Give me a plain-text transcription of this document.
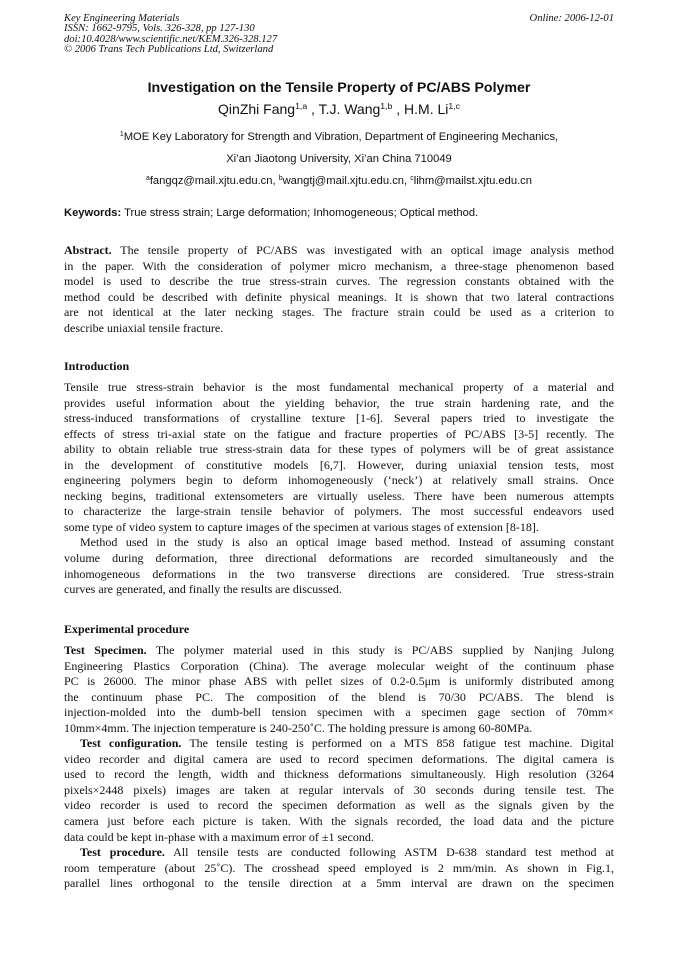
Key Engineering Materials
ISSN: 1662-9795, Vols. 326-328, pp 127-130
doi:10.4028/www.scientific.net/KEM.326-328.127
© 2006 Trans Tech Publications Ltd, Switzerland
Online: 2006-12-01
Investigation on the Tensile Property of PC/ABS Polymer
QinZhi Fang$^{1,a}$ , T.J. Wang$^{1,b}$ , H.M. Li$^{1,c}$
$^1$MOE Key Laboratory for Strength and Vibration, Department of Engineering Mechanics,
Xi’an Jiaotong University, Xi’an China 710049
$^a$fangqz@mail.xjtu.edu.cn, $^b$wangtj@mail.xjtu.edu.cn, $^c$lihm@mailst.xjtu.edu.cn
Keywords: True stress strain; Large deformation; Inhomogeneous; Optical method.
Abstract. The tensile property of PC/ABS was investigated with an optical image analysis method
in the paper. With the consideration of polymer micro mechanism, a three-stage phenomenon based
model is used to describe the true stress-strain curves. The regression constants obtained with the
method could be described with definite physical meanings. It is shown that two lateral contractions
are not identical at the later necking stages. The fracture strain could be used as a criterion to
describe uniaxial tensile fracture.
Introduction
Tensile true stress-strain behavior is the most fundamental mechanical property of a material and
provides useful information about the yielding behavior, the true strain hardening rate, and the
stress-induced transformations of crystalline texture [1-6]. Several papers tried to investigate the
effects of stress tri-axial state on the fatigue and fracture properties of PC/ABS [3-5] recently. The
ability to obtain reliable true stress-strain data for these types of polymers will be of great assistance
in the development of constitutive models [6,7]. However, during uniaxial tension tests, most
engineering polymers begin to deform inhomogeneously (‘neck’) at relatively small strains. Once
necking begins, traditional extensometers are virtually useless. There have been numerous attempts
to characterize the large-strain tensile behavior of polymers. The most successful endeavors used
some type of video system to capture images of the specimen at various stages of extension [8-18].
Method used in the study is also an optical image based method. Instead of assuming constant
volume during deformation, three directional deformations are recorded simultaneously and the
inhomogeneous deformations in the two transverse directions are considered. True stress-strain
curves are generated, and finally the results are discussed.
Experimental procedure
Test Specimen. The polymer material used in this study is PC/ABS supplied by Nanjing Julong
Engineering Plastics Corporation (China). The average molecular weight of the continuum phase
PC is 26000. The minor phase ABS with pellet sizes of 0.2-0.5μm is uniformly distributed among
the continuum phase PC. The composition of the blend is 70/30 PC/ABS. The blend is
injection-molded into the dumb-bell tension specimen with a specimen gage section of 70mm×
10mm×4mm. The injection temperature is 240-250˚C. The holding pressure is among 60-80MPa.
Test configuration. The tensile testing is performed on a MTS 858 fatigue test machine. Digital
video recorder and digital camera are used to record specimen deformations. The digital camera is
used to record the length, width and thickness deformations simultaneously. High resolution (3264
pixels×2448 pixels) images are taken at regular intervals of 30 seconds during tensile test. The
video recorder is used to record the specimen deformation as well as the signals given by the
camera just before each picture is taken. With the signals recorded, the load data and the picture
data could be kept in-phase with a maximum error of ±1 second.
Test procedure. All tensile tests are conducted following ASTM D-638 standard test method at
room temperature (about 25˚C). The crosshead speed employed is 2 mm/min. As shown in Fig.1,
parallel lines orthogonal to the tensile direction at a 5mm interval are drawn on the specimen
